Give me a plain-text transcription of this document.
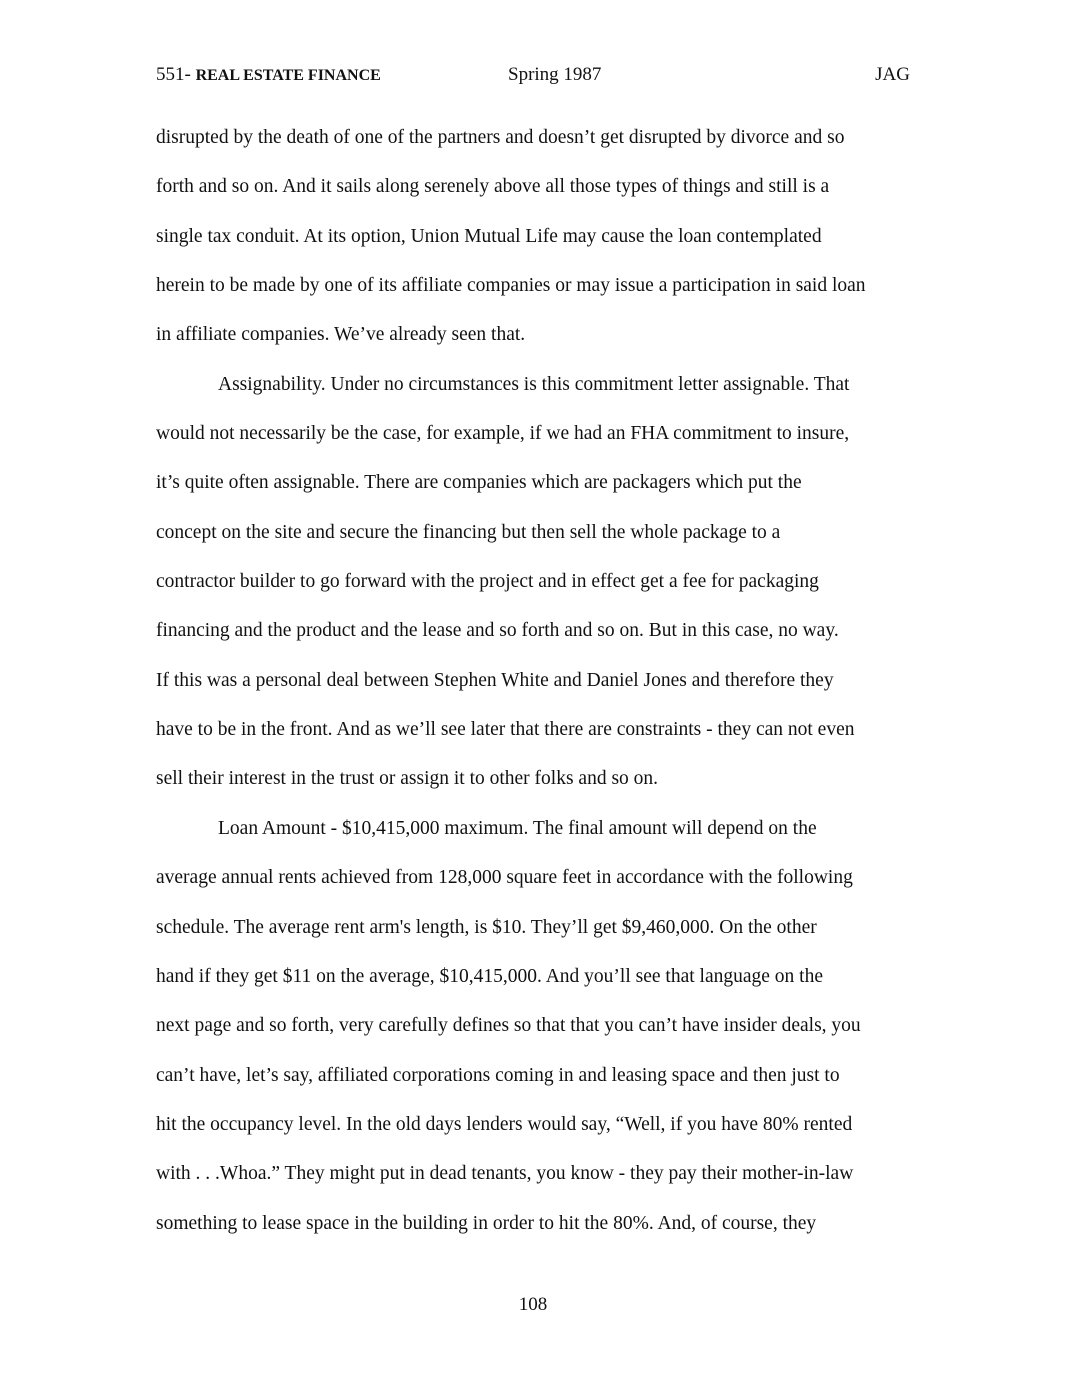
551- REAL ESTATE FINANCE	Spring 1987	JAG
disrupted by the death of one of the partners and doesn’t get disrupted by divorce and so
forth and so on. And it sails along serenely above all those types of things and still is a
single tax conduit. At its option, Union Mutual Life may cause the loan contemplated
herein to be made by one of its affiliate companies or may issue a participation in said loan
in affiliate companies. We’ve already seen that.
Assignability. Under no circumstances is this commitment letter assignable. That
would not necessarily be the case, for example, if we had an FHA commitment to insure,
it’s quite often assignable. There are companies which are packagers which put the
concept on the site and secure the financing but then sell the whole package to a
contractor builder to go forward with the project and in effect get a fee for packaging
financing and the product and the lease and so forth and so on. But in this case, no way.
If this was a personal deal between Stephen White and Daniel Jones and therefore they
have to be in the front. And as we’ll see later that there are constraints - they can not even
sell their interest in the trust or assign it to other folks and so on.
Loan Amount - $10,415,000 maximum. The final amount will depend on the
average annual rents achieved from 128,000 square feet in accordance with the following
schedule. The average rent arm's length, is $10. They’ll get $9,460,000. On the other
hand if they get $11 on the average, $10,415,000. And you’ll see that language on the
next page and so forth, very carefully defines so that that you can’t have insider deals, you
can’t have, let’s say, affiliated corporations coming in and leasing space and then just to
hit the occupancy level. In the old days lenders would say, “Well, if you have 80% rented
with . . .Whoa.” They might put in dead tenants, you know - they pay their mother-in-law
something to lease space in the building in order to hit the 80%. And, of course, they
108
